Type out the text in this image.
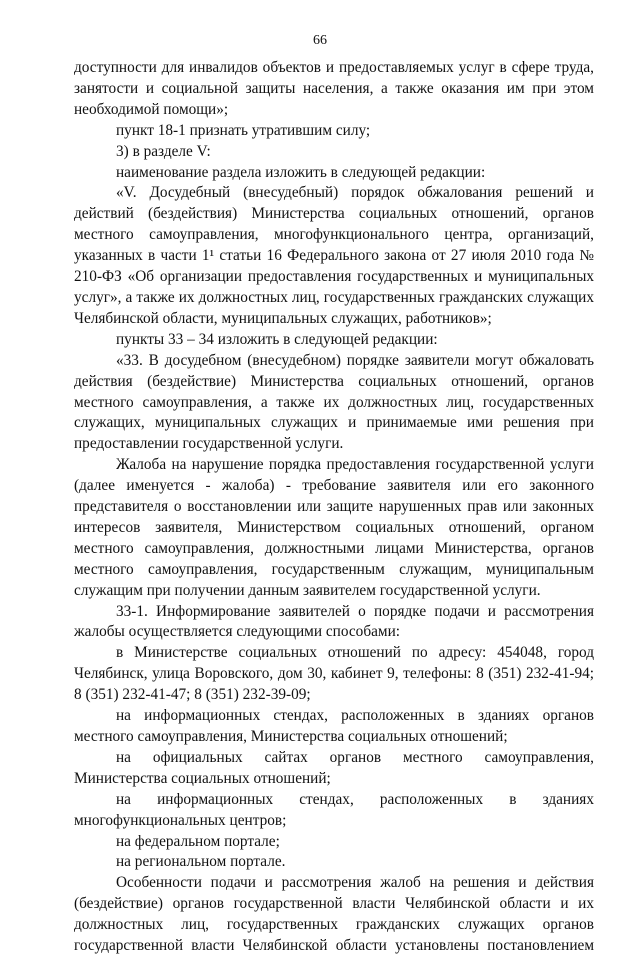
66

доступности для инвалидов объектов и предоставляемых услуг в сфере труда, занятости и социальной защиты населения, а также оказания им при этом необходимой помощи»;

пункт 18-1 признать утратившим силу;

3) в разделе V:

наименование раздела изложить в следующей редакции:

«V. Досудебный (внесудебный) порядок обжалования решений и действий (бездействия) Министерства социальных отношений, органов местного самоуправления, многофункционального центра, организаций, указанных в части 1¹ статьи 16 Федерального закона от 27 июля 2010 года № 210-ФЗ «Об организации предоставления государственных и муниципальных услуг», а также их должностных лиц, государственных гражданских служащих Челябинской области, муниципальных служащих, работников»;

пункты 33 – 34 изложить в следующей редакции:

«33. В досудебном (внесудебном) порядке заявители могут обжаловать действия (бездействие) Министерства социальных отношений, органов местного самоуправления, а также их должностных лиц, государственных служащих, муниципальных служащих и принимаемые ими решения при предоставлении государственной услуги.

Жалоба на нарушение порядка предоставления государственной услуги (далее именуется - жалоба) - требование заявителя или его законного представителя о восстановлении или защите нарушенных прав или законных интересов заявителя, Министерством социальных отношений, органом местного самоуправления, должностными лицами Министерства, органов местного самоуправления, государственным служащим, муниципальным служащим при получении данным заявителем государственной услуги.

33-1. Информирование заявителей о порядке подачи и рассмотрения жалобы осуществляется следующими способами:

в Министерстве социальных отношений по адресу: 454048, город Челябинск, улица Воровского, дом 30, кабинет 9, телефоны: 8 (351) 232-41-94; 8 (351) 232-41-47; 8 (351) 232-39-09;

на информационных стендах, расположенных в зданиях органов местного самоуправления, Министерства социальных отношений;

на официальных сайтах органов местного самоуправления, Министерства социальных отношений;

на информационных стендах, расположенных в зданиях многофункциональных центров;

на федеральном портале;

на региональном портале.

Особенности подачи и рассмотрения жалоб на решения и действия (бездействие) органов государственной власти Челябинской области и их должностных лиц, государственных гражданских служащих органов государственной власти Челябинской области установлены постановлением
